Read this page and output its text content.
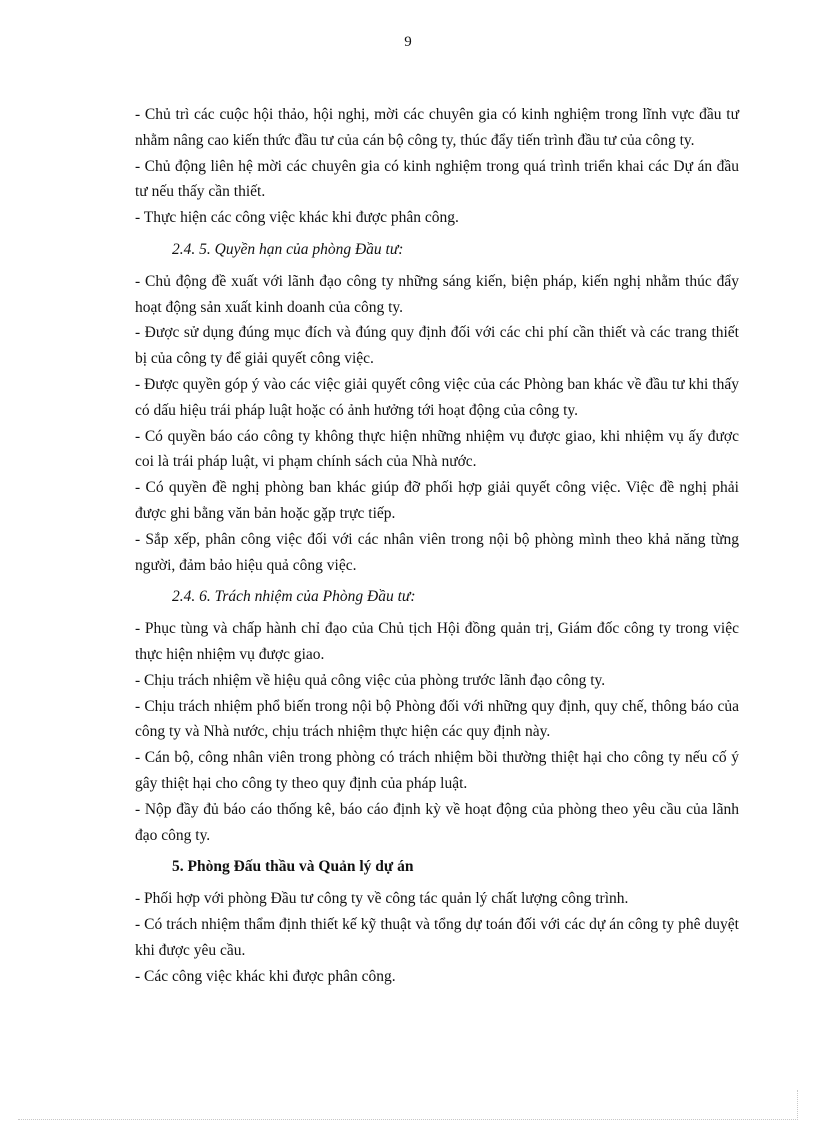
9

- Chủ trì các cuộc hội thảo, hội nghị, mời các chuyên gia có kinh nghiệm trong lĩnh vực đầu tư nhằm nâng cao kiến thức đầu tư của cán bộ công ty, thúc đẩy tiến trình đầu tư của công ty.

- Chủ động liên hệ mời các chuyên gia có kinh nghiệm trong quá trình triển khai các Dự án đầu tư nếu thấy cần thiết.

- Thực hiện các công việc khác khi được phân công.

2.4. 5. Quyền hạn của phòng Đầu tư:

- Chủ động đề xuất với lãnh đạo công ty những sáng kiến, biện pháp, kiến nghị nhằm thúc đẩy hoạt động sản xuất kinh doanh của công ty.

- Được sử dụng đúng mục đích và đúng quy định đối với các chi phí cần thiết và các trang thiết bị của công ty để giải quyết công việc.

- Được quyền góp ý vào các việc giải quyết công việc của các Phòng ban khác về đầu tư khi thấy có dấu hiệu trái pháp luật hoặc có ảnh hưởng tới hoạt động của công ty.

- Có quyền báo cáo công ty không thực hiện những nhiệm vụ được giao, khi nhiệm vụ ấy được coi là trái pháp luật, vi phạm chính sách của Nhà nước.

- Có quyền đề nghị phòng ban khác giúp đỡ phối hợp giải quyết công việc. Việc đề nghị phải được ghi bằng văn bản hoặc gặp trực tiếp.

- Sắp xếp, phân công việc đối với các nhân viên trong nội bộ phòng mình theo khả năng từng người, đảm bảo hiệu quả công việc.

2.4. 6. Trách nhiệm của Phòng Đầu tư:

- Phục tùng và chấp hành chỉ đạo của Chủ tịch Hội đồng quản trị, Giám đốc công ty trong việc thực hiện nhiệm vụ được giao.

- Chịu trách nhiệm về hiệu quả công việc của phòng trước lãnh đạo công ty.

- Chịu trách nhiệm phổ biến trong nội bộ Phòng đối với những quy định, quy chế, thông báo của công ty và Nhà nước, chịu trách nhiệm thực hiện các quy định này.

- Cán bộ, công nhân viên trong phòng có trách nhiệm bồi thường thiệt hại cho công ty nếu cố ý gây thiệt hại cho công ty theo quy định của pháp luật.

- Nộp đầy đủ báo cáo thống kê, báo cáo định kỳ về hoạt động của phòng theo yêu cầu của lãnh đạo công ty.

5. Phòng Đấu thầu và Quản lý dự án

- Phối hợp với phòng Đầu tư công ty về công tác quản lý chất lượng công trình.

- Có trách nhiệm thẩm định thiết kế kỹ thuật và tổng dự toán đối với các dự án công ty phê duyệt khi được yêu cầu.

- Các công việc khác khi được phân công.
